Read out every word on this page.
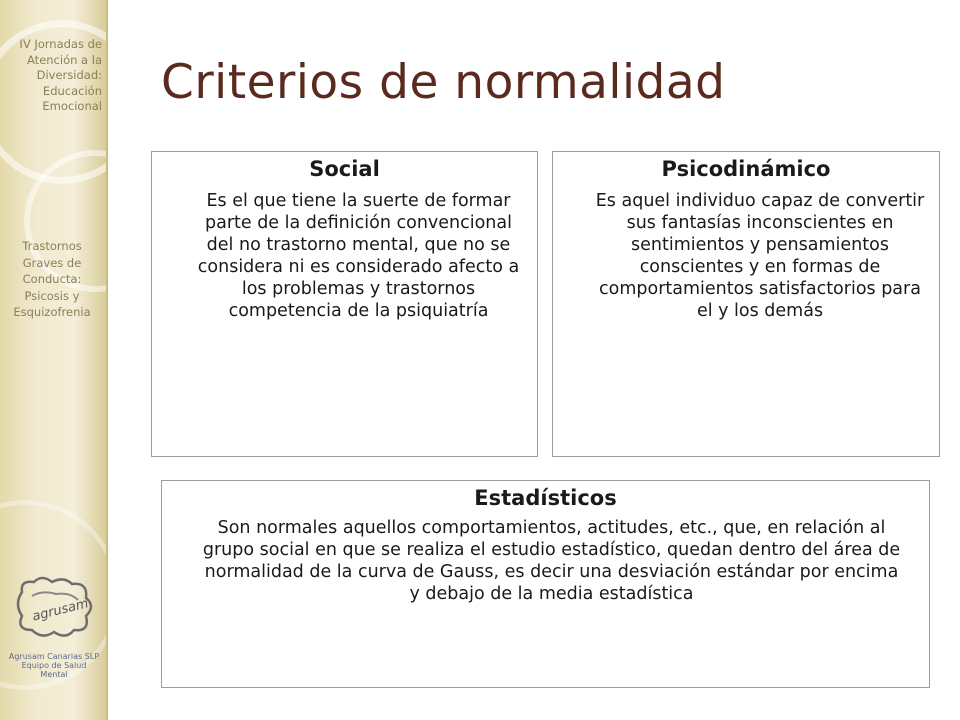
IV Jornadas de
Atención a la
Diversidad:
Educación
Emocional
Trastornos
Graves de
Conducta:
Psicosis y
Esquizofrenia
agrusam
Agrusam Canarias SLP
Equipo de Salud
Mental
Criterios de normalidad
Social
Es el que tiene la suerte de formar parte de la definición convencional del no trastorno mental, que no se considera ni es considerado afecto a los problemas y trastornos competencia de la psiquiatría
Psicodinámico
Es aquel individuo capaz de convertir sus fantasías inconscientes en sentimientos y pensamientos conscientes y en formas de comportamientos satisfactorios para el y los demás
Estadísticos
Son normales aquellos comportamientos, actitudes, etc., que, en relación al grupo social en que se realiza el estudio estadístico, quedan dentro del área de normalidad de la curva de Gauss, es decir una desviación estándar por encima y debajo de la media estadística
